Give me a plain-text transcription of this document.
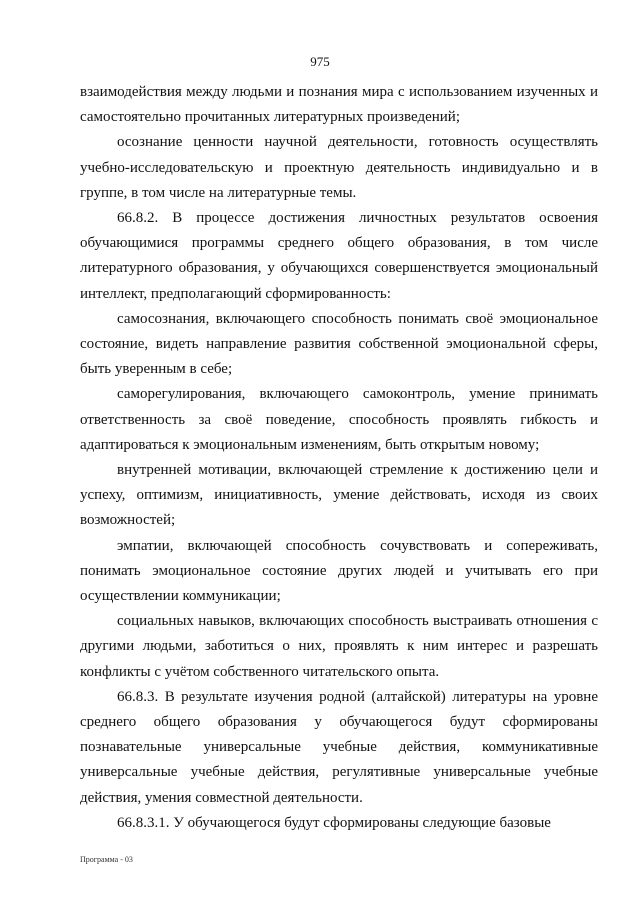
975

взаимодействия между людьми и познания мира с использованием изученных и самостоятельно прочитанных литературных произведений;

осознание ценности научной деятельности, готовность осуществлять учебно-исследовательскую и проектную деятельность индивидуально и в группе, в том числе на литературные темы.

66.8.2. В процессе достижения личностных результатов освоения обучающимися программы среднего общего образования, в том числе литературного образования, у обучающихся совершенствуется эмоциональный интеллект, предполагающий сформированность:

самосознания, включающего способность понимать своё эмоциональное состояние, видеть направление развития собственной эмоциональной сферы, быть уверенным в себе;

саморегулирования, включающего самоконтроль, умение принимать ответственность за своё поведение, способность проявлять гибкость и адаптироваться к эмоциональным изменениям, быть открытым новому;

внутренней мотивации, включающей стремление к достижению цели и успеху, оптимизм, инициативность, умение действовать, исходя из своих возможностей;

эмпатии, включающей способность сочувствовать и сопереживать, понимать эмоциональное состояние других людей и учитывать его при осуществлении коммуникации;

социальных навыков, включающих способность выстраивать отношения с другими людьми, заботиться о них, проявлять к ним интерес и разрешать конфликты с учётом собственного читательского опыта.

66.8.3. В результате изучения родной (алтайской) литературы на уровне среднего общего образования у обучающегося будут сформированы познавательные универсальные учебные действия, коммуникативные универсальные учебные действия, регулятивные универсальные учебные действия, умения совместной деятельности.

66.8.3.1. У обучающегося будут сформированы следующие базовые

Программа - 03
